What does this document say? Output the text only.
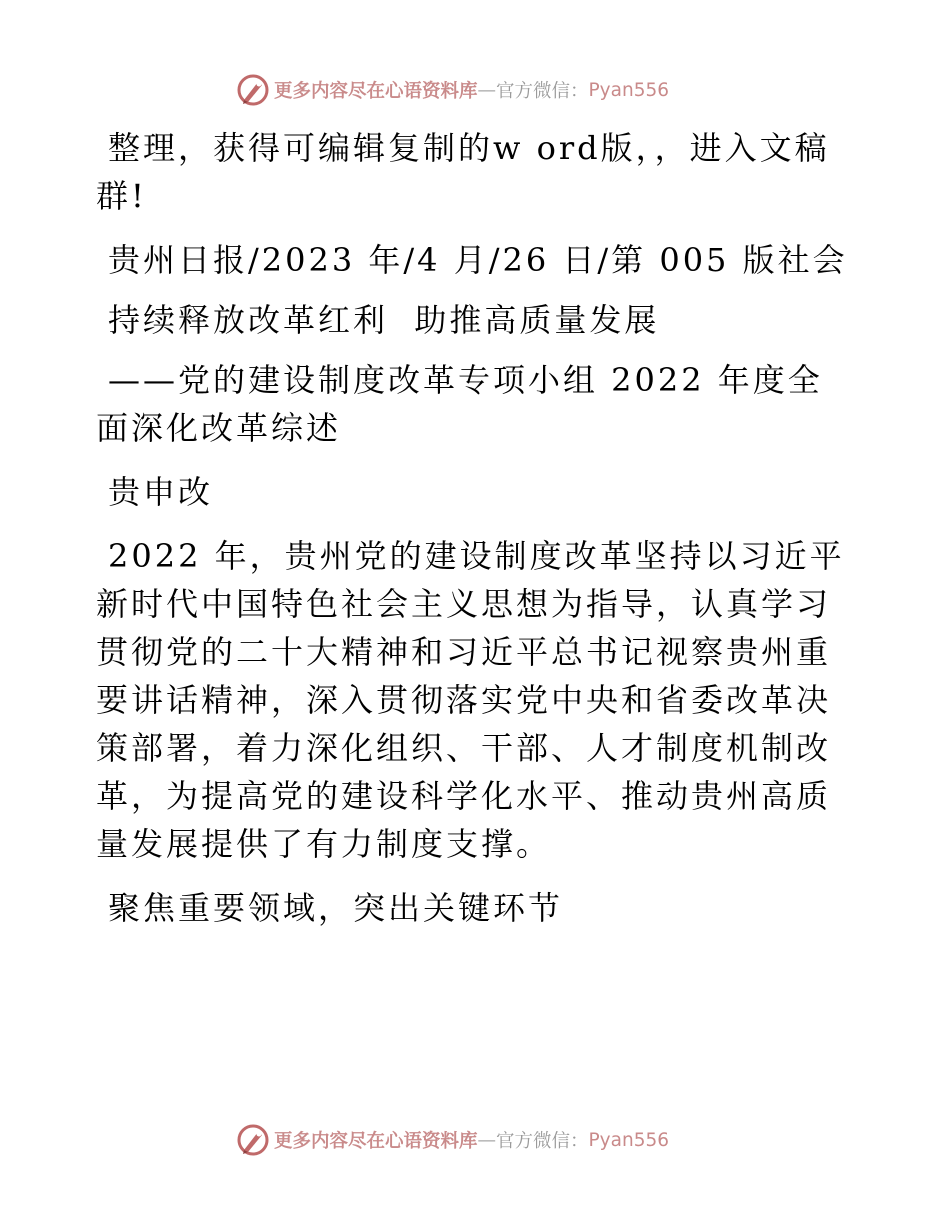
更多内容尽在心语资料库 — 官方微信： Pyan556

整理，获得可编辑复制的w ord版，，进入文稿群!

贵州日报/2023 年/4 月/26 日/第 005 版社会

持续释放改革红利  助推高质量发展

——党的建设制度改革专项小组 2022 年度全面深化改革综述

贵申改

2022 年，贵州党的建设制度改革坚持以习近平新时代中国特色社会主义思想为指导，认真学习贯彻党的二十大精神和习近平总书记视察贵州重要讲话精神，深入贯彻落实党中央和省委改革决策部署，着力深化组织、干部、人才制度机制改革，为提高党的建设科学化水平、推动贵州高质量发展提供了有力制度支撑。

聚焦重要领域，突出关键环节

更多内容尽在心语资料库 — 官方微信： Pyan556
